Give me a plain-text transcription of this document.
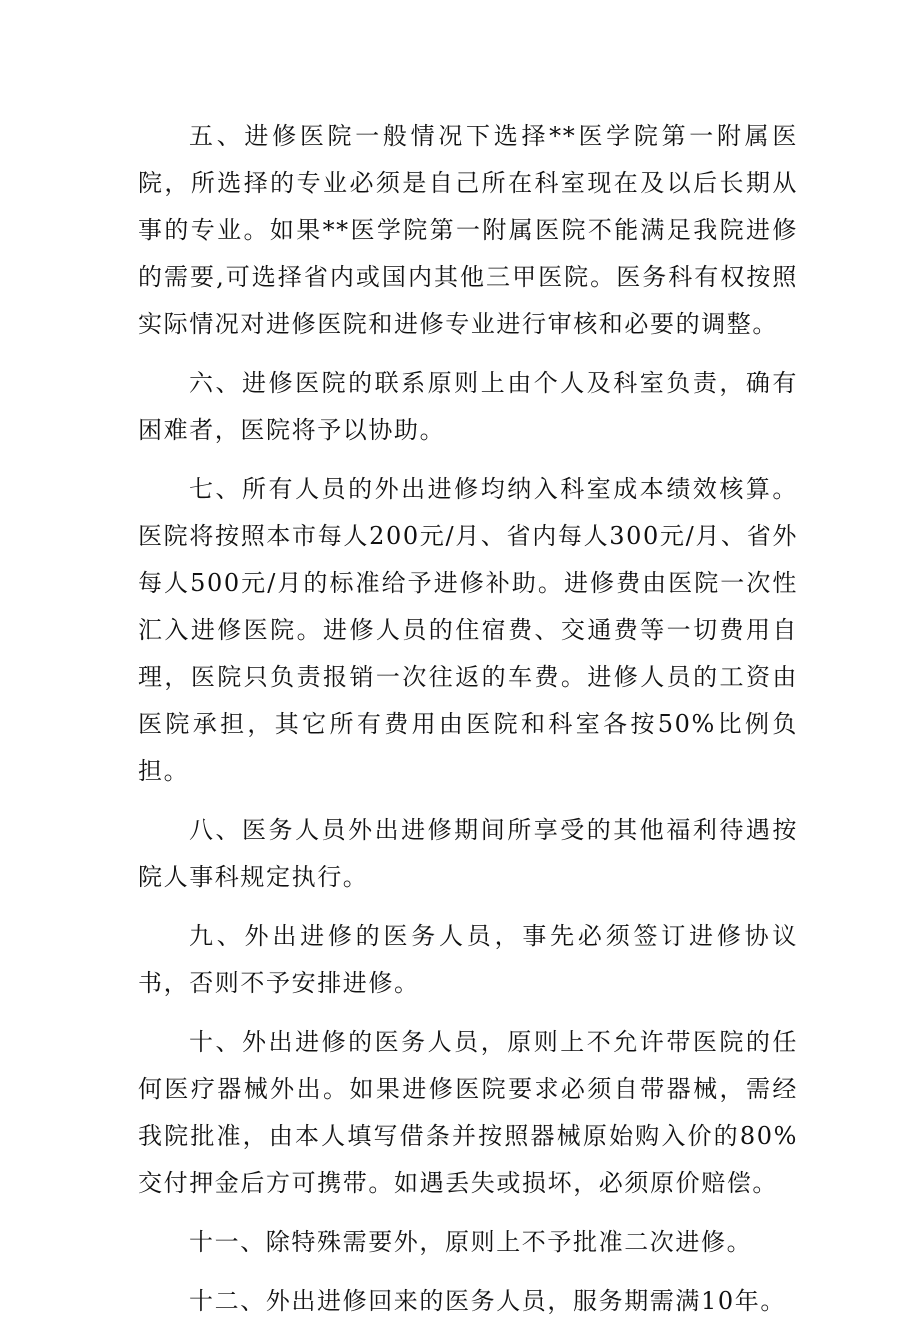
五、进修医院一般情况下选择**医学院第一附属医院，所选择的专业必须是自己所在科室现在及以后长期从事的专业。如果**医学院第一附属医院不能满足我院进修的需要,可选择省内或国内其他三甲医院。医务科有权按照实际情况对进修医院和进修专业进行审核和必要的调整。

六、进修医院的联系原则上由个人及科室负责，确有困难者，医院将予以协助。

七、所有人员的外出进修均纳入科室成本绩效核算。医院将按照本市每人200元/月、省内每人300元/月、省外每人500元/月的标准给予进修补助。进修费由医院一次性汇入进修医院。进修人员的住宿费、交通费等一切费用自理，医院只负责报销一次往返的车费。进修人员的工资由医院承担，其它所有费用由医院和科室各按50%比例负担。

八、医务人员外出进修期间所享受的其他福利待遇按院人事科规定执行。

九、外出进修的医务人员，事先必须签订进修协议书，否则不予安排进修。

十、外出进修的医务人员，原则上不允许带医院的任何医疗器械外出。如果进修医院要求必须自带器械，需经我院批准，由本人填写借条并按照器械原始购入价的80%交付押金后方可携带。如遇丢失或损坏，必须原价赔偿。

十一、除特殊需要外，原则上不予批准二次进修。

十二、外出进修回来的医务人员，服务期需满10年。
